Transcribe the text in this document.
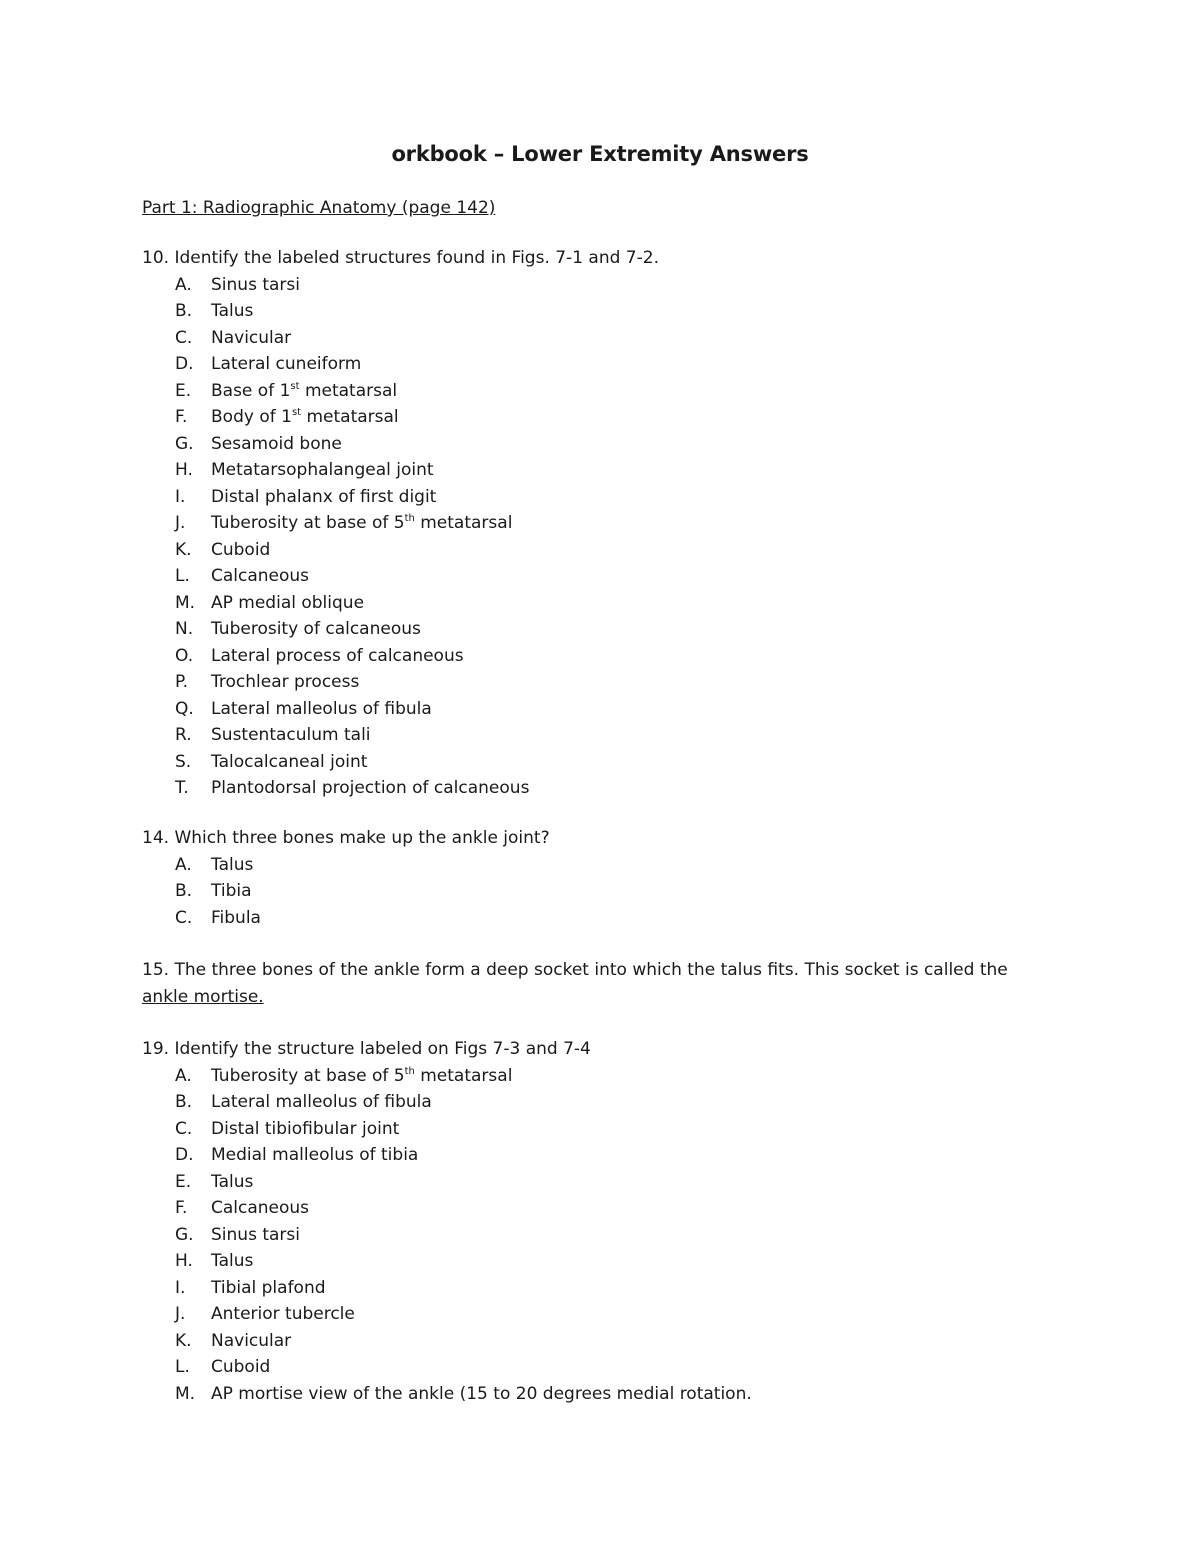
orkbook – Lower Extremity Answers
Part 1: Radiographic Anatomy (page 142)
10. Identify the labeled structures found in Figs. 7-1 and 7-2.
A. Sinus tarsi
B. Talus
C. Navicular
D. Lateral cuneiform
E. Base of 1st metatarsal
F. Body of 1st metatarsal
G. Sesamoid bone
H. Metatarsophalangeal joint
I. Distal phalanx of first digit
J. Tuberosity at base of 5th metatarsal
K. Cuboid
L. Calcaneous
M. AP medial oblique
N. Tuberosity of calcaneous
O. Lateral process of calcaneous
P. Trochlear process
Q. Lateral malleolus of fibula
R. Sustentaculum tali
S. Talocalcaneal joint
T. Plantodorsal projection of calcaneous
14. Which three bones make up the ankle joint?
A. Talus
B. Tibia
C. Fibula
15. The three bones of the ankle form a deep socket into which the talus fits. This socket is called the ankle mortise.
19. Identify the structure labeled on Figs 7-3 and 7-4
A. Tuberosity at base of 5th metatarsal
B. Lateral malleolus of fibula
C. Distal tibiofibular joint
D. Medial malleolus of tibia
E. Talus
F. Calcaneous
G. Sinus tarsi
H. Talus
I. Tibial plafond
J. Anterior tubercle
K. Navicular
L. Cuboid
M. AP mortise view of the ankle (15 to 20 degrees medial rotation.
